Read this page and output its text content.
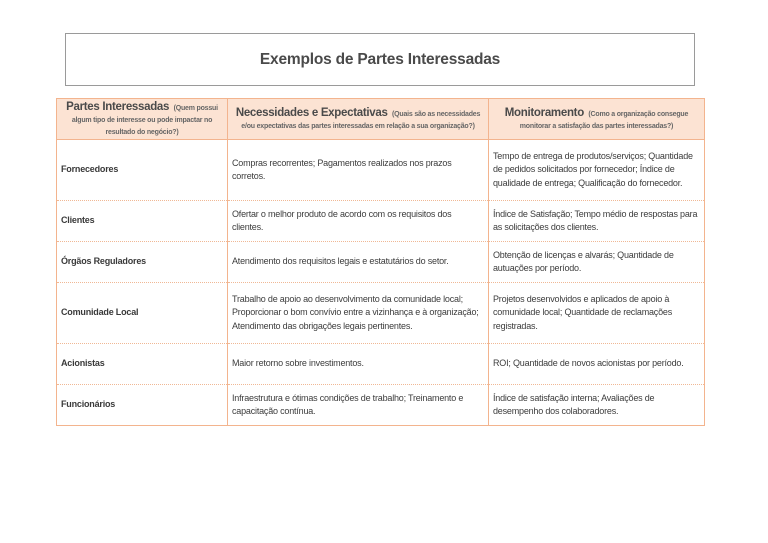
Exemplos de Partes Interessadas
Partes Interessadas (Quem possui algum tipo de interesse ou pode impactar no resultado do negócio?)	Necessidades e Expectativas (Quais são as necessidades e/ou expectativas das partes interessadas em relação a sua organização?)	Monitoramento (Como a organização consegue monitorar a satisfação das partes interessadas?)
Fornecedores	Compras recorrentes; Pagamentos realizados nos prazos corretos.	Tempo de entrega de produtos/serviços; Quantidade de pedidos solicitados por fornecedor; Índice de qualidade de entrega; Qualificação do fornecedor.
Clientes	Ofertar o melhor produto de acordo com os requisitos dos clientes.	Índice de Satisfação; Tempo médio de respostas para as solicitações dos clientes.
Órgãos Reguladores	Atendimento dos requisitos legais e estatutários do setor.	Obtenção de licenças e alvarás; Quantidade de autuações por período.
Comunidade Local	Trabalho de apoio ao desenvolvimento da comunidade local; Proporcionar o bom convívio entre a vizinhança e à organização; Atendimento das obrigações legais pertinentes.	Projetos desenvolvidos e aplicados de apoio à comunidade local; Quantidade de reclamações registradas.
Acionistas	Maior retorno sobre investimentos.	ROI; Quantidade de novos acionistas por período.
Funcionários	Infraestrutura e ótimas condições de trabalho; Treinamento e capacitação contínua.	Índice de satisfação interna; Avaliações de desempenho dos colaboradores.
